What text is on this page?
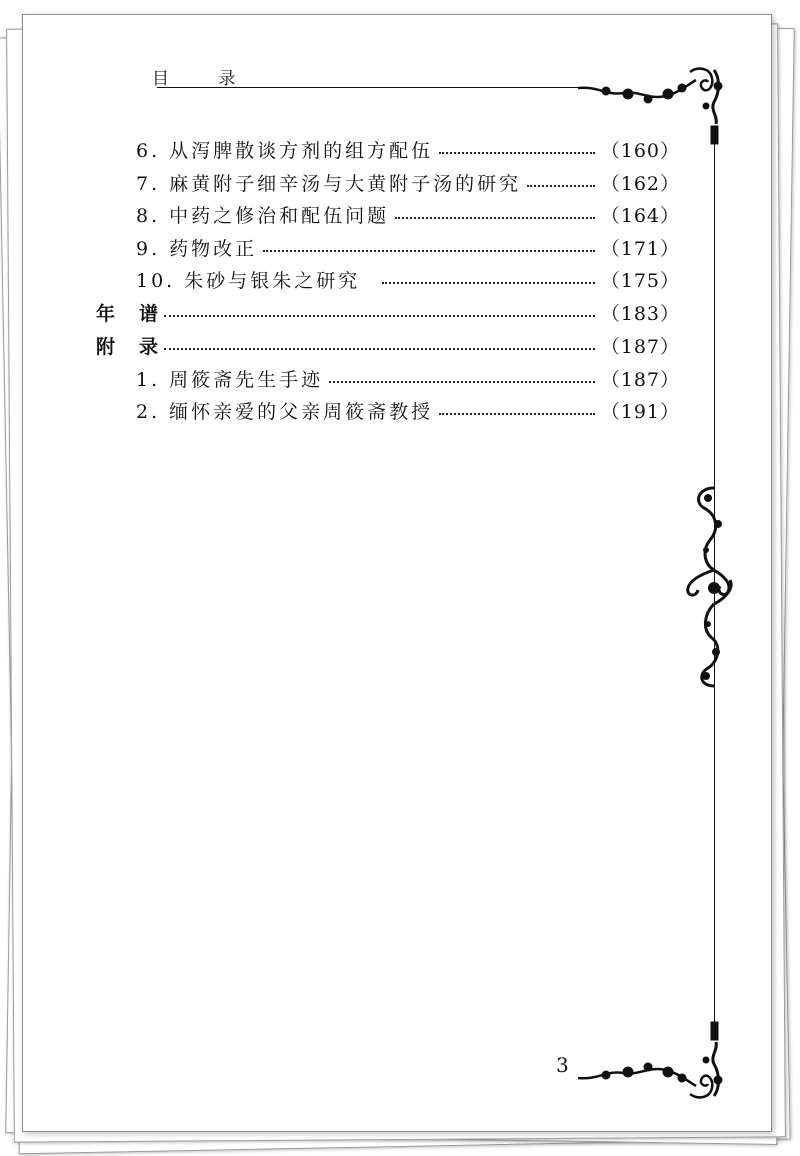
目 录
6. 从泻脾散谈方剂的组方配伍	（160）
7. 麻黄附子细辛汤与大黄附子汤的研究	（162）
8. 中药之修治和配伍问题	（164）
9. 药物改正	（171）
10. 朱砂与银朱之研究	（175）
年谱	（183）
附录	（187）
1. 周筱斋先生手迹	（187）
2. 缅怀亲爱的父亲周筱斋教授	（191）
3
